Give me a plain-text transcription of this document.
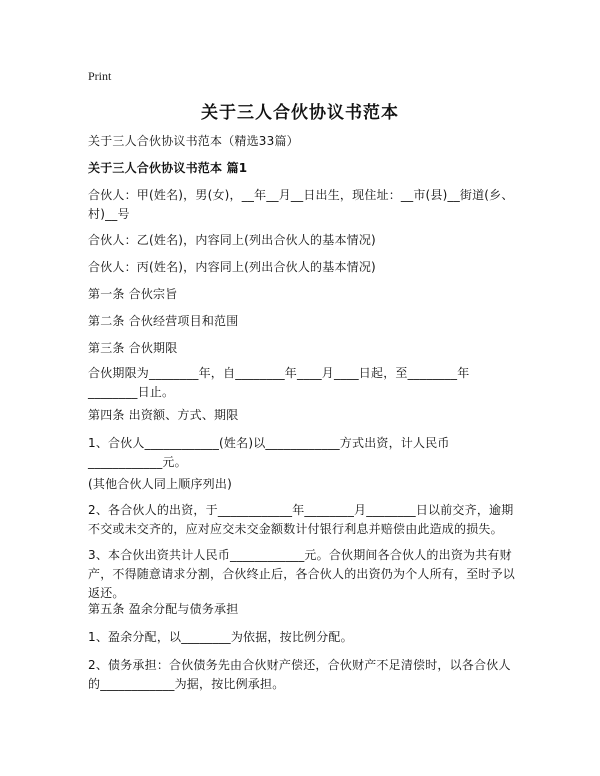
Print
关于三人合伙协议书范本
关于三人合伙协议书范本（精选33篇）
关于三人合伙协议书范本 篇1
合伙人：甲(姓名)，男(女)，__年__月__日出生，现住址：__市(县)__街道(乡、村)__号
合伙人：乙(姓名)，内容同上(列出合伙人的基本情况)
合伙人：丙(姓名)，内容同上(列出合伙人的基本情况)
第一条 合伙宗旨
第二条 合伙经营项目和范围
第三条 合伙期限
合伙期限为________年，自________年____月____日起，至________年________日止。
第四条 出资额、方式、期限
1、合伙人____________(姓名)以____________方式出资，计人民币____________元。
(其他合伙人同上顺序列出)
2、各合伙人的出资，于____________年________月________日以前交齐，逾期不交或未交齐的，应对应交未交金额数计付银行利息并赔偿由此造成的损失。
3、本合伙出资共计人民币____________元。合伙期间各合伙人的出资为共有财产，不得随意请求分割，合伙终止后，各合伙人的出资仍为个人所有，至时予以返还。
第五条 盈余分配与债务承担
1、盈余分配，以________为依据，按比例分配。
2、债务承担：合伙债务先由合伙财产偿还，合伙财产不足清偿时，以各合伙人的____________为据，按比例承担。
